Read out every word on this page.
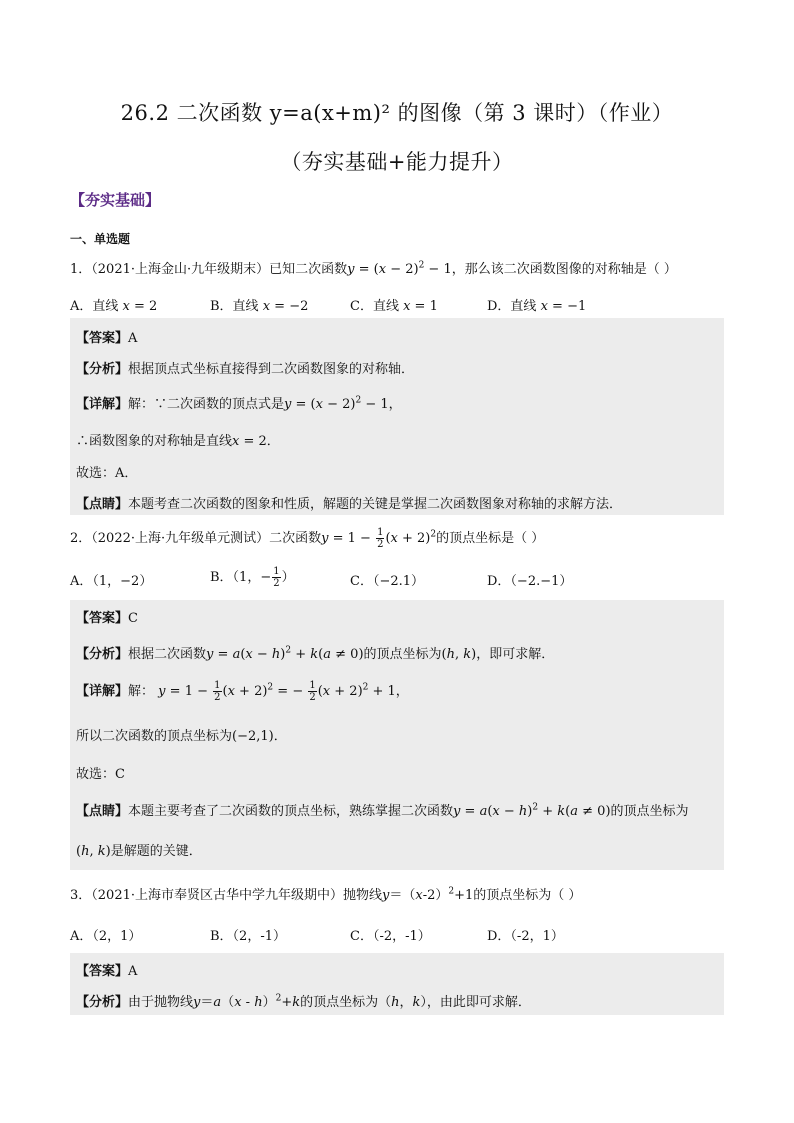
26.2 二次函数 y=a(x+m)² 的图像（第 3 课时）（作业）
（夯实基础+能力提升）
【夯实基础】
一、单选题
1．（2021·上海金山·九年级期末）已知二次函数$y = (x - 2)^2 - 1$，那么该二次函数图像的对称轴是（ ）
A．直线 x = 2	B．直线 x = −2	C．直线 x = 1	D．直线 x = −1
【答案】A
【分析】根据顶点式坐标直接得到二次函数图象的对称轴．
【详解】解：∵二次函数的顶点式是$y = (x - 2)^2 - 1$，
∴函数图象的对称轴是直线x = 2．
故选：A．
【点睛】本题考查二次函数的图象和性质，解题的关键是掌握二次函数图象对称轴的求解方法．
2．（2022·上海·九年级单元测试）二次函数$y = 1 - \frac{1}{2} (x + 2)^2$的顶点坐标是（ ）
A．（1，−2）	B．（1，− $\frac{1}{2}$ ）	C．（−2.1）	D．（−2.−1）
【答案】C
【分析】根据二次函数$y = a(x - h)^2 + k(a \ne 0)$的顶点坐标为(h, k)，即可求解．
【详解】解： $y = 1 - \frac{1}{2} (x + 2)^2$ = − $\frac{1}{2} (x + 2)^2 + 1$，
所以二次函数的顶点坐标为(−2,1)．
故选：C
【点睛】本题主要考查了二次函数的顶点坐标，熟练掌握二次函数$y = a(x - h)^2 + k(a \ne 0)$的顶点坐标为
(h, k)是解题的关键．
3．（2021·上海市奉贤区古华中学九年级期中）抛物线$y=(x-2)^2+1$的顶点坐标为（ ）
A．（2，1）	B．（2，-1）	C．（-2，-1）	D．（-2，1）
【答案】A
【分析】由于抛物线y＝a（x - h）$^2$+k的顶点坐标为（h，k），由此即可求解．
